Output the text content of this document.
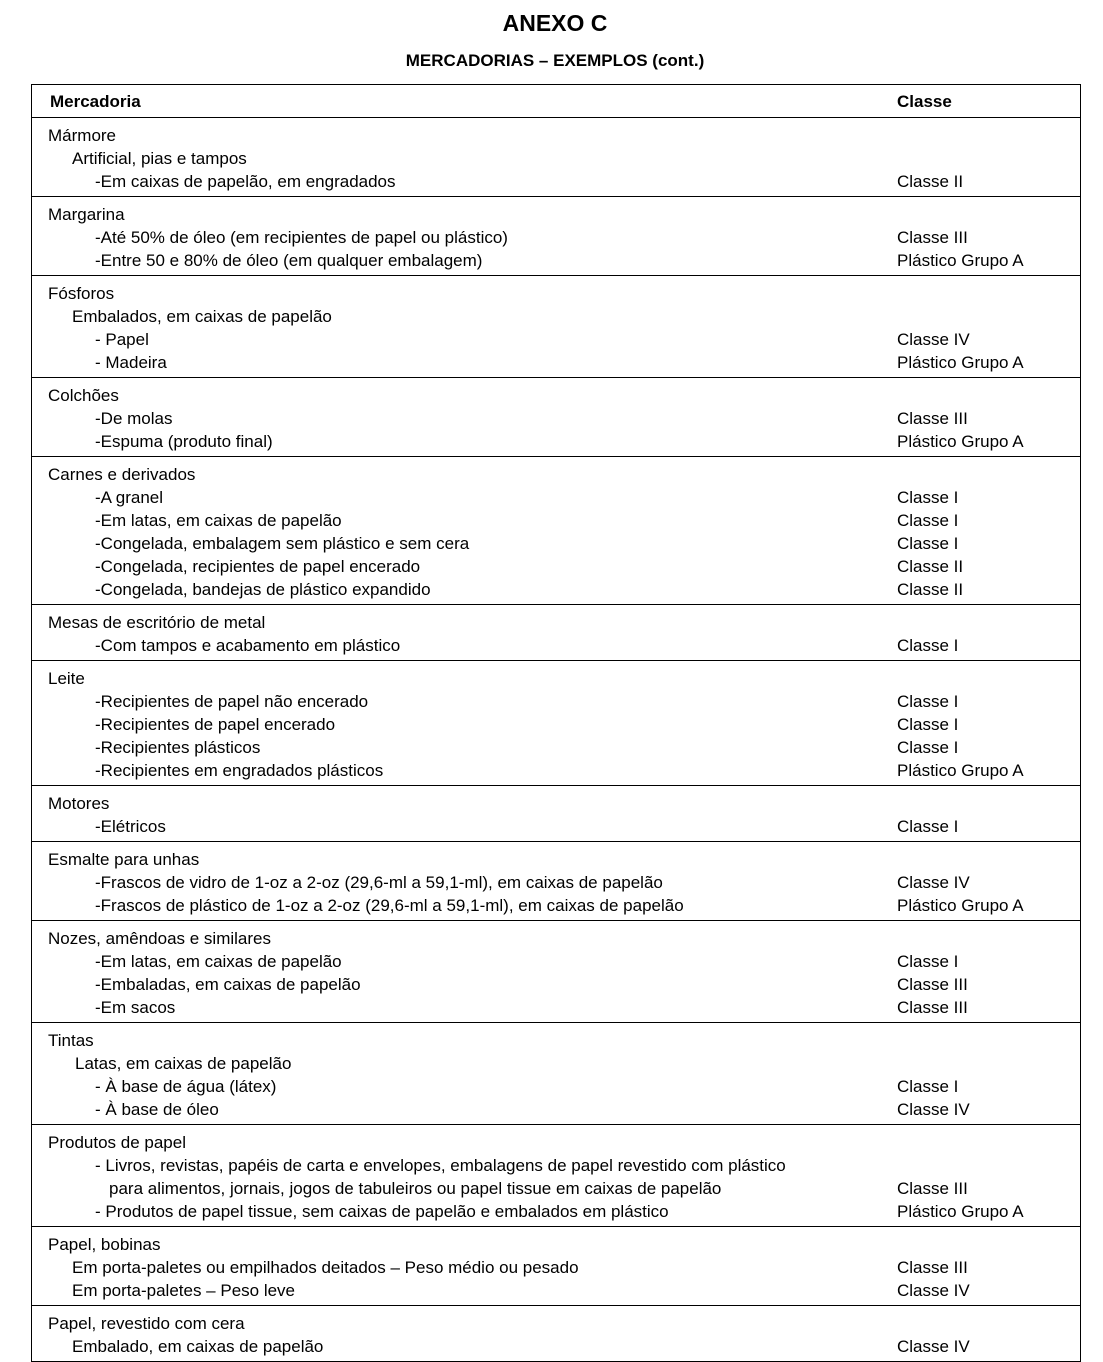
ANEXO C
MERCADORIAS – EXEMPLOS (cont.)
Mercadoria	Classe
Mármore
Artificial, pias e tampos
-Em caixas de papelão, em engradados	Classe II
Margarina
-Até 50% de óleo (em recipientes de papel ou plástico)	Classe III
-Entre 50 e 80% de óleo (em qualquer embalagem)	Plástico Grupo A
Fósforos
Embalados, em caixas de papelão
- Papel	Classe IV
- Madeira	Plástico Grupo A
Colchões
-De molas	Classe III
-Espuma (produto final)	Plástico Grupo A
Carnes e derivados
-A granel	Classe I
-Em latas, em caixas de papelão	Classe I
-Congelada, embalagem sem plástico e sem cera	Classe I
-Congelada, recipientes de papel encerado	Classe II
-Congelada, bandejas de plástico expandido	Classe II
Mesas de escritório de metal
-Com tampos e acabamento em plástico	Classe I
Leite
-Recipientes de papel não encerado	Classe I
-Recipientes de papel encerado	Classe I
-Recipientes plásticos	Classe I
-Recipientes em engradados plásticos	Plástico Grupo A
Motores
-Elétricos	Classe I
Esmalte para unhas
-Frascos de vidro de 1-oz a 2-oz (29,6-ml a 59,1-ml), em caixas de papelão	Classe IV
-Frascos de plástico de 1-oz a 2-oz (29,6-ml a 59,1-ml), em caixas de papelão	Plástico Grupo A
Nozes, amêndoas e similares
-Em latas, em caixas de papelão	Classe I
-Embaladas, em caixas de papelão	Classe III
-Em sacos	Classe III
Tintas
Latas, em caixas de papelão
- À base de água (látex)	Classe I
- À base de óleo	Classe IV
Produtos de papel
- Livros, revistas, papéis de carta e envelopes, embalagens de papel revestido com plástico
para alimentos, jornais, jogos de tabuleiros ou papel tissue em caixas de papelão	Classe III
- Produtos de papel tissue, sem caixas de papelão e embalados em plástico	Plástico Grupo A
Papel, bobinas
Em porta-paletes ou empilhados deitados – Peso médio ou pesado	Classe III
Em porta-paletes – Peso leve	Classe IV
Papel, revestido com cera
Embalado, em caixas de papelão	Classe IV
